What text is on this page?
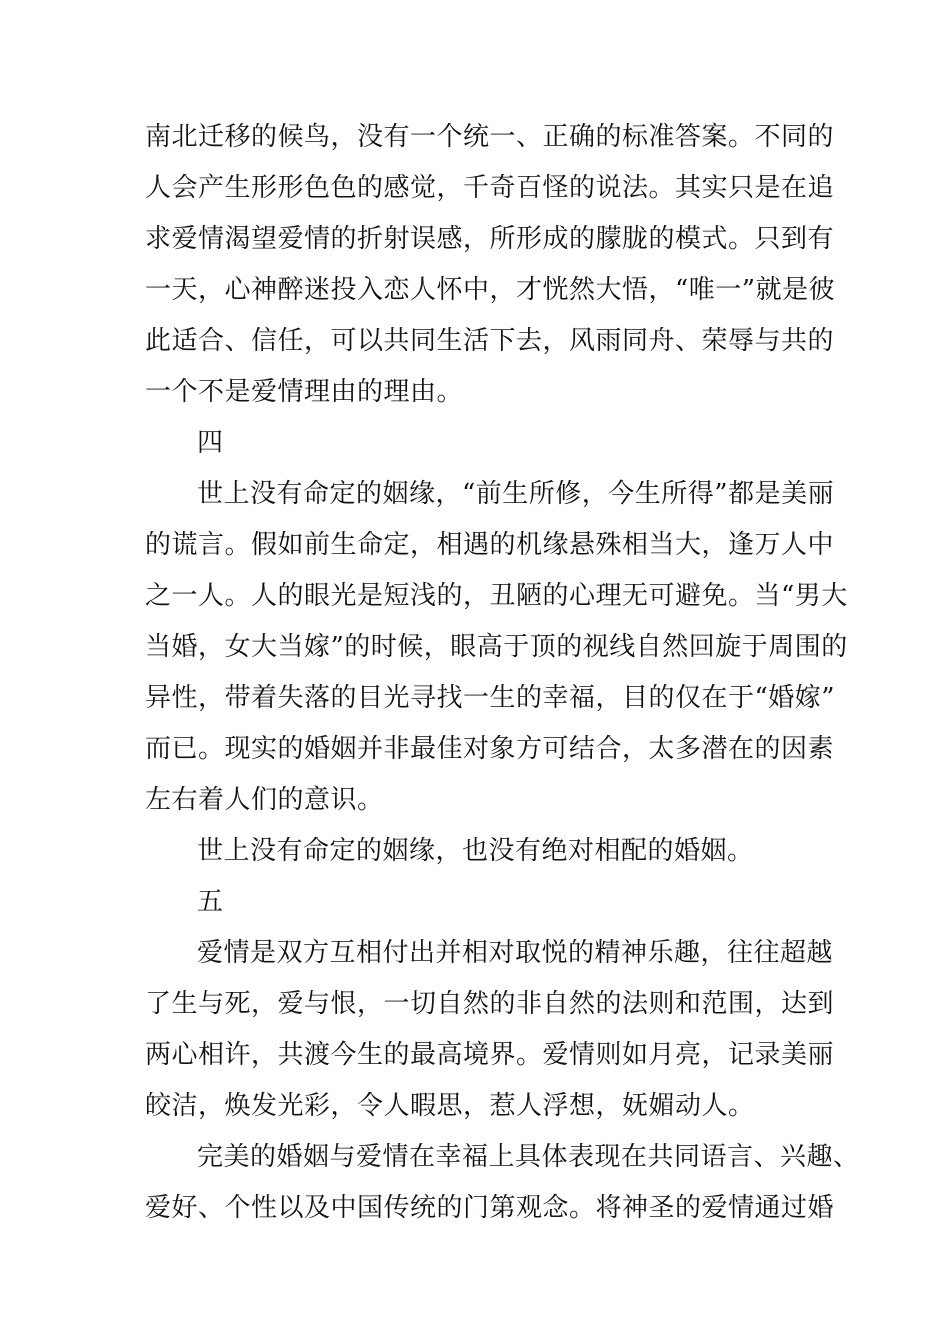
南北迁移的候鸟，没有一个统一、正确的标准答案。不同的
人会产生形形色色的感觉，千奇百怪的说法。其实只是在追
求爱情渴望爱情的折射误感，所形成的朦胧的模式。只到有
一天，心神醉迷投入恋人怀中，才恍然大悟，“唯一”就是彼
此适合、信任，可以共同生活下去，风雨同舟、荣辱与共的
一个不是爱情理由的理由。
四
世上没有命定的姻缘，“前生所修，今生所得”都是美丽
的谎言。假如前生命定，相遇的机缘悬殊相当大，逢万人中
之一人。人的眼光是短浅的，丑陋的心理无可避免。当“男大
当婚，女大当嫁”的时候，眼高于顶的视线自然回旋于周围的
异性，带着失落的目光寻找一生的幸福，目的仅在于“婚嫁”
而已。现实的婚姻并非最佳对象方可结合，太多潜在的因素
左右着人们的意识。
世上没有命定的姻缘，也没有绝对相配的婚姻。
五
爱情是双方互相付出并相对取悦的精神乐趣，往往超越
了生与死，爱与恨，一切自然的非自然的法则和范围，达到
两心相许，共渡今生的最高境界。爱情则如月亮，记录美丽
皎洁，焕发光彩，令人暇思，惹人浮想，妩媚动人。
完美的婚姻与爱情在幸福上具体表现在共同语言、兴趣、
爱好、个性以及中国传统的门第观念。将神圣的爱情通过婚
